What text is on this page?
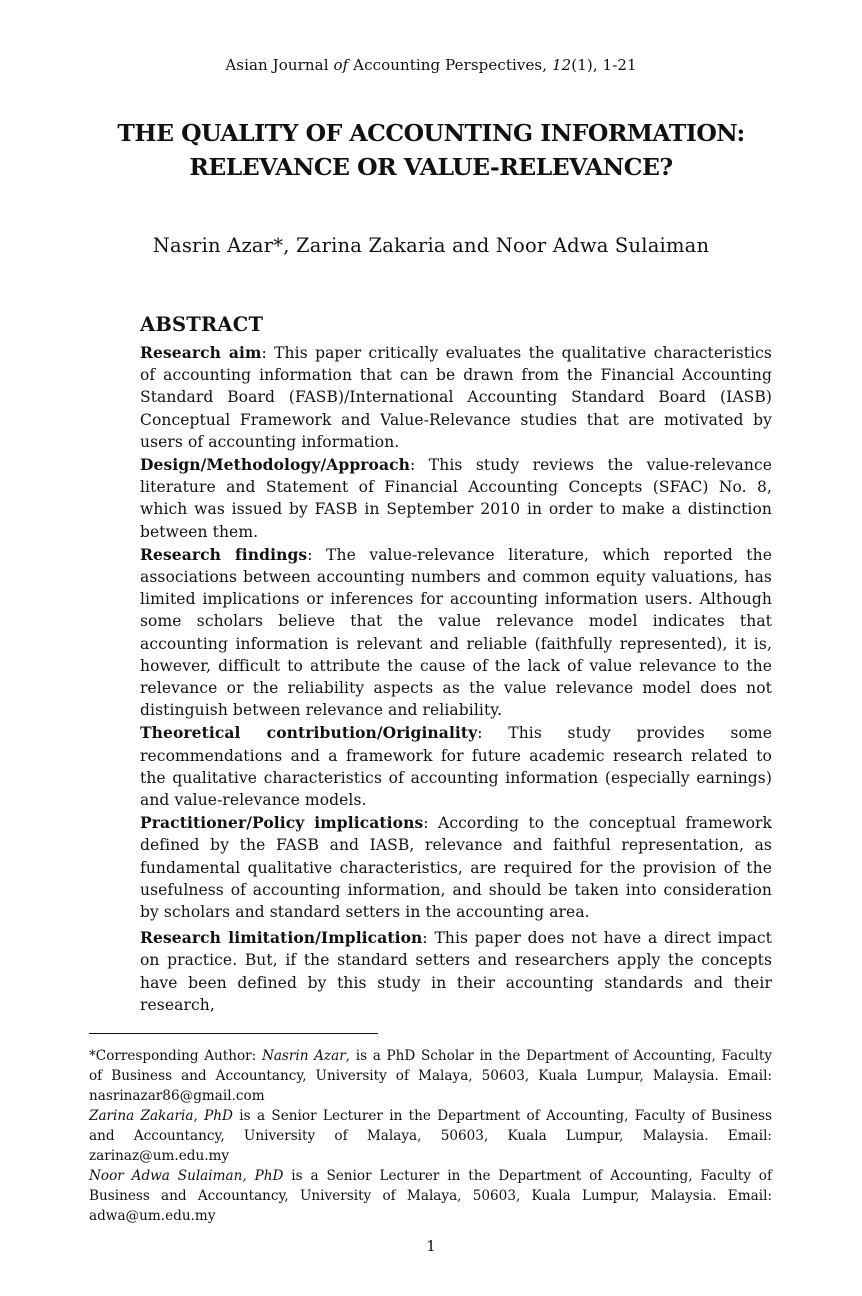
Asian Journal of Accounting Perspectives, 12(1), 1-21
THE QUALITY OF ACCOUNTING INFORMATION:
RELEVANCE OR VALUE-RELEVANCE?
Nasrin Azar*, Zarina Zakaria and Noor Adwa Sulaiman
ABSTRACT

Research aim: This paper critically evaluates the qualitative characteristics of accounting information that can be drawn from the Financial Accounting Standard Board (FASB)/International Accounting Standard Board (IASB) Conceptual Framework and Value-Relevance studies that are motivated by users of accounting information.

Design/Methodology/Approach: This study reviews the value-relevance literature and Statement of Financial Accounting Concepts (SFAC) No. 8, which was issued by FASB in September 2010 in order to make a distinction between them.

Research findings: The value-relevance literature, which reported the associations between accounting numbers and common equity valuations, has limited implications or inferences for accounting information users. Although some scholars believe that the value relevance model indicates that accounting information is relevant and reliable (faithfully represented), it is, however, difficult to attribute the cause of the lack of value relevance to the relevance or the reliability aspects as the value relevance model does not distinguish between relevance and reliability.

Theoretical contribution/Originality: This study provides some recommendations and a framework for future academic research related to the qualitative characteristics of accounting information (especially earnings) and value-relevance models.

Practitioner/Policy implications: According to the conceptual framework defined by the FASB and IASB, relevance and faithful representation, as fundamental qualitative characteristics, are required for the provision of the usefulness of accounting information, and should be taken into consideration by scholars and standard setters in the accounting area.

Research limitation/Implication: This paper does not have a direct impact on practice. But, if the standard setters and researchers apply the concepts have been defined by this study in their accounting standards and their research,

*Corresponding Author: Nasrin Azar, is a PhD Scholar in the Department of Accounting, Faculty of Business and Accountancy, University of Malaya, 50603, Kuala Lumpur, Malaysia. Email: nasrinazar86@gmail.com

Zarina Zakaria, PhD is a Senior Lecturer in the Department of Accounting, Faculty of Business and Accountancy, University of Malaya, 50603, Kuala Lumpur, Malaysia. Email: zarinaz@um.edu.my

Noor Adwa Sulaiman, PhD is a Senior Lecturer in the Department of Accounting, Faculty of Business and Accountancy, University of Malaya, 50603, Kuala Lumpur, Malaysia. Email: adwa@um.edu.my

1
